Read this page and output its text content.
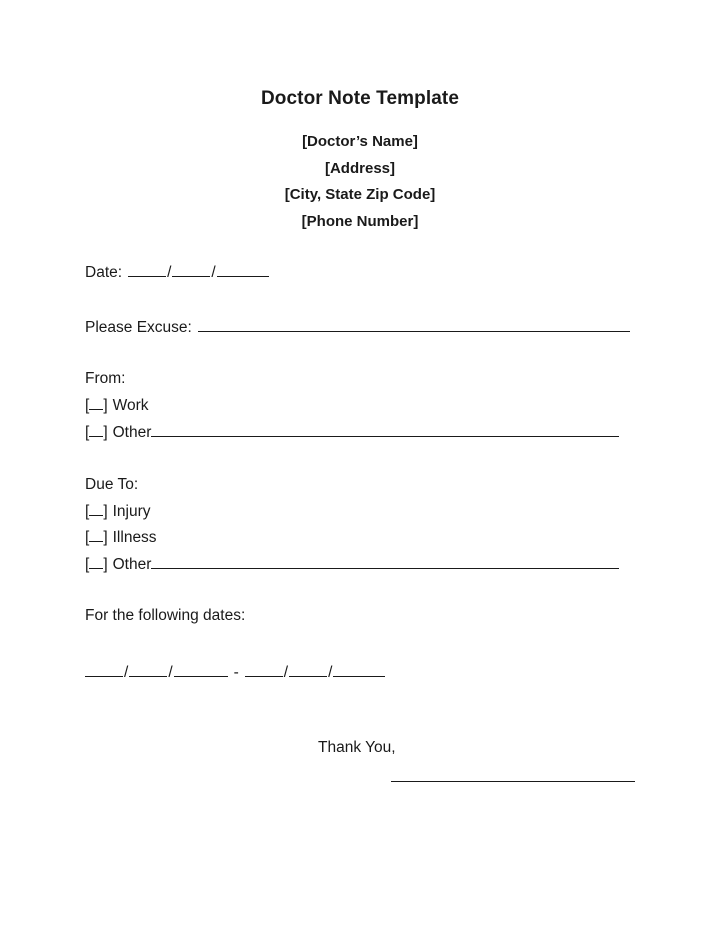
Doctor Note Template
[Doctor’s Name]
[Address]
[City, State Zip Code]
[Phone Number]
Date:	/	/
Please Excuse:
From:
[ ] Work
[ ] Other
Due To:
[ ] Injury
[ ] Illness
[ ] Other
For the following dates:
/	/	-	/	/
Thank You,
